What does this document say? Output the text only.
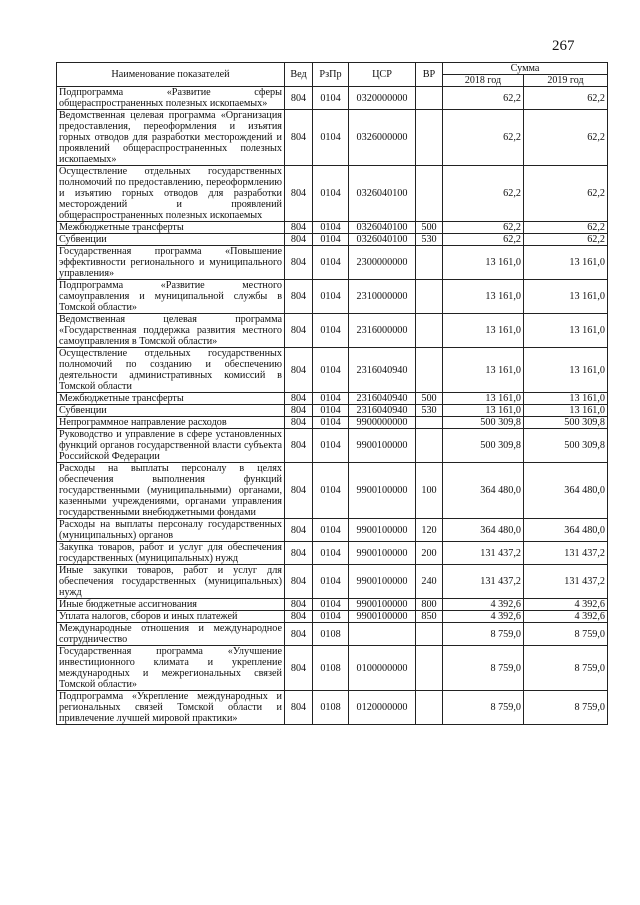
267
Наименование показателей	Вед	РзПр	ЦСР	ВР	Сумма	
					2018 год	2019 год
Подпрограмма «Развитие сферы общераспространенных полезных ископаемых»	804	0104	0320000000		62,2	62,2
Ведомственная целевая программа «Организация предоставления, переоформления и изъятия горных отводов для разработки месторождений и проявлений общераспространенных полезных ископаемых»	804	0104	0326000000		62,2	62,2
Осуществление отдельных государственных полномочий по предоставлению, переоформлению и изъятию горных отводов для разработки месторождений и проявлений общераспространенных полезных ископаемых	804	0104	0326040100		62,2	62,2
Межбюджетные трансферты	804	0104	0326040100	500	62,2	62,2
Субвенции	804	0104	0326040100	530	62,2	62,2
Государственная программа «Повышение эффективности регионального и муниципального управления»	804	0104	2300000000		13 161,0	13 161,0
Подпрограмма «Развитие местного самоуправления и муниципальной службы в Томской области»	804	0104	2310000000		13 161,0	13 161,0
Ведомственная целевая программа «Государственная поддержка развития местного самоуправления в Томской области»	804	0104	2316000000		13 161,0	13 161,0
Осуществление отдельных государственных полномочий по созданию и обеспечению деятельности административных комиссий в Томской области	804	0104	2316040940		13 161,0	13 161,0
Межбюджетные трансферты	804	0104	2316040940	500	13 161,0	13 161,0
Субвенции	804	0104	2316040940	530	13 161,0	13 161,0
Непрограммное направление расходов	804	0104	9900000000		500 309,8	500 309,8
Руководство и управление в сфере установленных функций органов государственной власти субъекта Российской Федерации	804	0104	9900100000		500 309,8	500 309,8
Расходы на выплаты персоналу в целях обеспечения выполнения функций государственными (муниципальными) органами, казенными учреждениями, органами управления государственными внебюджетными фондами	804	0104	9900100000	100	364 480,0	364 480,0
Расходы на выплаты персоналу государственных (муниципальных) органов	804	0104	9900100000	120	364 480,0	364 480,0
Закупка товаров, работ и услуг для обеспечения государственных (муниципальных) нужд	804	0104	9900100000	200	131 437,2	131 437,2
Иные закупки товаров, работ и услуг для обеспечения государственных (муниципальных) нужд	804	0104	9900100000	240	131 437,2	131 437,2
Иные бюджетные ассигнования	804	0104	9900100000	800	4 392,6	4 392,6
Уплата налогов, сборов и иных платежей	804	0104	9900100000	850	4 392,6	4 392,6
Международные отношения и международное сотрудничество	804	0108			8 759,0	8 759,0
Государственная программа «Улучшение инвестиционного климата и укрепление международных и межрегиональных связей Томской области»	804	0108	0100000000		8 759,0	8 759,0
Подпрограмма «Укрепление международных и региональных связей Томской области и привлечение лучшей мировой практики»	804	0108	0120000000		8 759,0	8 759,0
